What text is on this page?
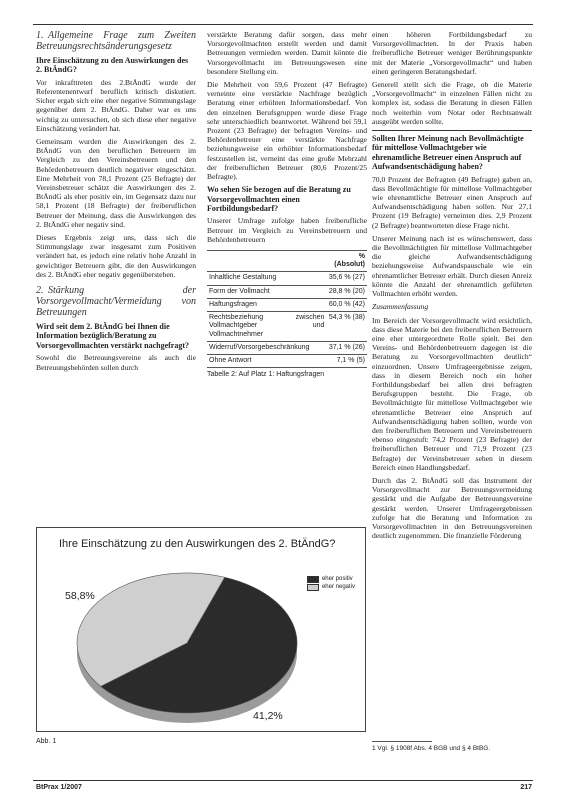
1. Allgemeine Frage zum Zweiten Betreuungsrechtsänderungsgesetz
Ihre Einschätzung zu den Auswirkungen des 2. BtÄndG?

Vor inkrafttreten des 2.BtÄndG wurde der Referentenentwurf beruflich kritisch diskutiert. Sicher ergab sich eine eher negative Stimmungslage gegenüber dem 2. BtÄndG. Daher war es uns wichtig zu untersuchen, ob sich diese eher negative Einschätzung verändert hat.

Gemeinsam wurden die Auswirkungen des 2. BtÄndG von den beruflichen Betreuern im Vergleich zu den Vereinsbetreuern und den Behördenbetreuern deutlich negativer eingeschätzt. Eine Mehrheit von 78,1 Prozent (25 Befragte) der Vereinsbetreuer schätzt die Auswirkungen des 2. BtÄndG als eher positiv ein, im Gegensatz dazu nur 58,1 Prozent (18 Befragte) der freiberuflichen Betreuer der Meinung, dass die Auswirkungen des 2. BtÄndG eher negativ sind.

Dieses Ergebnis zeigt uns, dass sich die Stimmungslage zwar insgesamt zum Positiven verändert hat, es jedoch eine relativ hohe Anzahl in gewichtiger Betreuern gibt, die den Auswirkungen des 2. BtÄndG eher negativ gegenüberstehen.

2. Stärkung der Vorsorgevollmacht/Vermeidung von Betreuungen
Wird seit dem 2. BtÄndG bei Ihnen die Information bezüglich/Beratung zu Vorsorgevollmachten verstärkt nachgefragt?

Sowohl die Betreuungsvereine als auch die Betreuungsbehörden sollen durch

verstärkte Beratung dafür sorgen, dass mehr Vorsorgevollmachten erstellt werden und damit Betreuungen vermieden werden. Damit könnte die Vorsorgevollmacht im Betreuungswesen eine besondere Stellung ein.

Die Mehrheit von 59,6 Prozent (47 Befragte) verneinte eine verstärkte Nachfrage bezüglich Beratung einer erhöhten Informationsbedarf. Von den einzelnen Berufsgruppen wurde diese Frage sehr unterschiedlich beantwortet. Während bei 59,1 Prozent (23 Befragte) der befragten Vereins- und Behördenbetreuer eine verstärkte Nachfrage beziehungsweise ein erhöhter Informationsbedarf festzustellen ist, verneint das eine große Mehrzahl der freiberuflichen Betreuer (80,6 Prozent/25 Befragte).

Wo sehen Sie bezogen auf die Beratung zu Vorsorgevollmachten einen Fortbildungsbedarf?

Unserer Umfrage zufolge haben freiberufliche Betreuer im Vergleich zu Vereinsbetreuern und Behördenbetreuern

	% (Absolut)
Inhaltliche Gestaltung	35,6 % (27)
Form der Vollmacht	28,8 % (20)
Haftungsfragen	60,0 % (42)
Rechtsbeziehung zwischen Vollmachtgeber und Vollmachtnehmer	54,3 % (38)
Widerruf/Vorsorgebeschränkung	37,1 % (26)
Ohne Antwort	7,1 % (5)
Tabelle 2: Auf Platz 1: Haftungsfragen

einen höheren Fortbildungsbedarf zu Vorsorgevollmachten. In der Praxis haben freiberufliche Betreuer weniger Berührungspunkte mit der Materie „Vorsorgevollmacht“ und haben einen geringeren Beratungsbedarf.

Generell stellt sich die Frage, ob die Materie „Vorsorgevollmacht“ in einzelnen Fällen nicht zu komplex ist, sodass die Beratung in diesen Fällen noch weiterhin vom Notar oder Rechtsanwalt ausgeübt werden sollte.

Sollten Ihrer Meinung nach Bevollmächtigte für mittellose Vollmachtgeber wie ehrenamtliche Betreuer einen Anspruch auf Aufwandsentschädigung haben?

70,0 Prozent der Befragten (49 Befragte) gaben an, dass Bevollmächtigte für mittellose Vollmachtgeber wie ehrenamtliche Betreuer einen Anspruch auf Aufwandsentschädigung haben sollen. Nur 27,1 Prozent (19 Befragte) verneinten dies. 2,9 Prozent (2 Befragte) beantworteten diese Frage nicht.

Unserer Meinung nach ist es wünschenswert, dass die Bevollmächtigten für mittellose Vollmachtgeber die gleiche Aufwandsentschädigung beziehungsweise Aufwandspauschale wie ein ehrenamtlicher Betreuer erhält. Durch diesen Anreiz könnte die Anzahl der ehrenamtlich geführten Vollmachten erhöht werden.

Zusammenfassung

Im Bereich der Vorsorgevollmacht wird ersichtlich, dass diese Materie bei den freiberuflichen Betreuern eine eher untergeordnete Rolle spielt. Bei den Vereins- und Behördenbetreuern dagegen ist die Beratung zu Vorsorgevollmachten deutlich“ einzuordnen. Unsere Umfrageergebnisse zeigen, dass in diesem Bereich noch ein hoher Fortbildungsbedarf bei allen drei befragten Berufsgruppen besteht. Die Frage, ob Bevollmächtigte für mittellose Vollmachtgeber wie ehrenamtliche Betreuer eine Anspruch auf Aufwandsentschädigung haben sollten, wurde von den freiberuflichen Betreuern und Vereinsbetreuern ebenso eingestuft: 74,2 Prozent (23 Befragte) der freiberuflichen Betreuer und 71,9 Prozent (23 Befragte) der Vereinsbetreuer sehen in diesem Bereich einen Handlungsbedarf.

Durch das 2. BtÄndG soll das Instrument der Vorsorgevollmacht zur Betreuungsvermeidung gestärkt und die Aufgabe der Betreuungsvereine gestärkt werden. Unserer Umfrageergebnissen zufolge hat die Beratung und Information zu Vorsorgevollmachten in den Betreuungsvereinen deutlich zugenommen. Die finanzielle Förderung

Ihre Einschätzung zu den Auswirkungen des 2. BtÄndG?
58,8%
41,2%
eher positiv
eher negativ
Abb. 1
1 Vgl. § 1908f Abs. 4 BGB und § 4 BtBG.
BtPrax 1/2007	217
